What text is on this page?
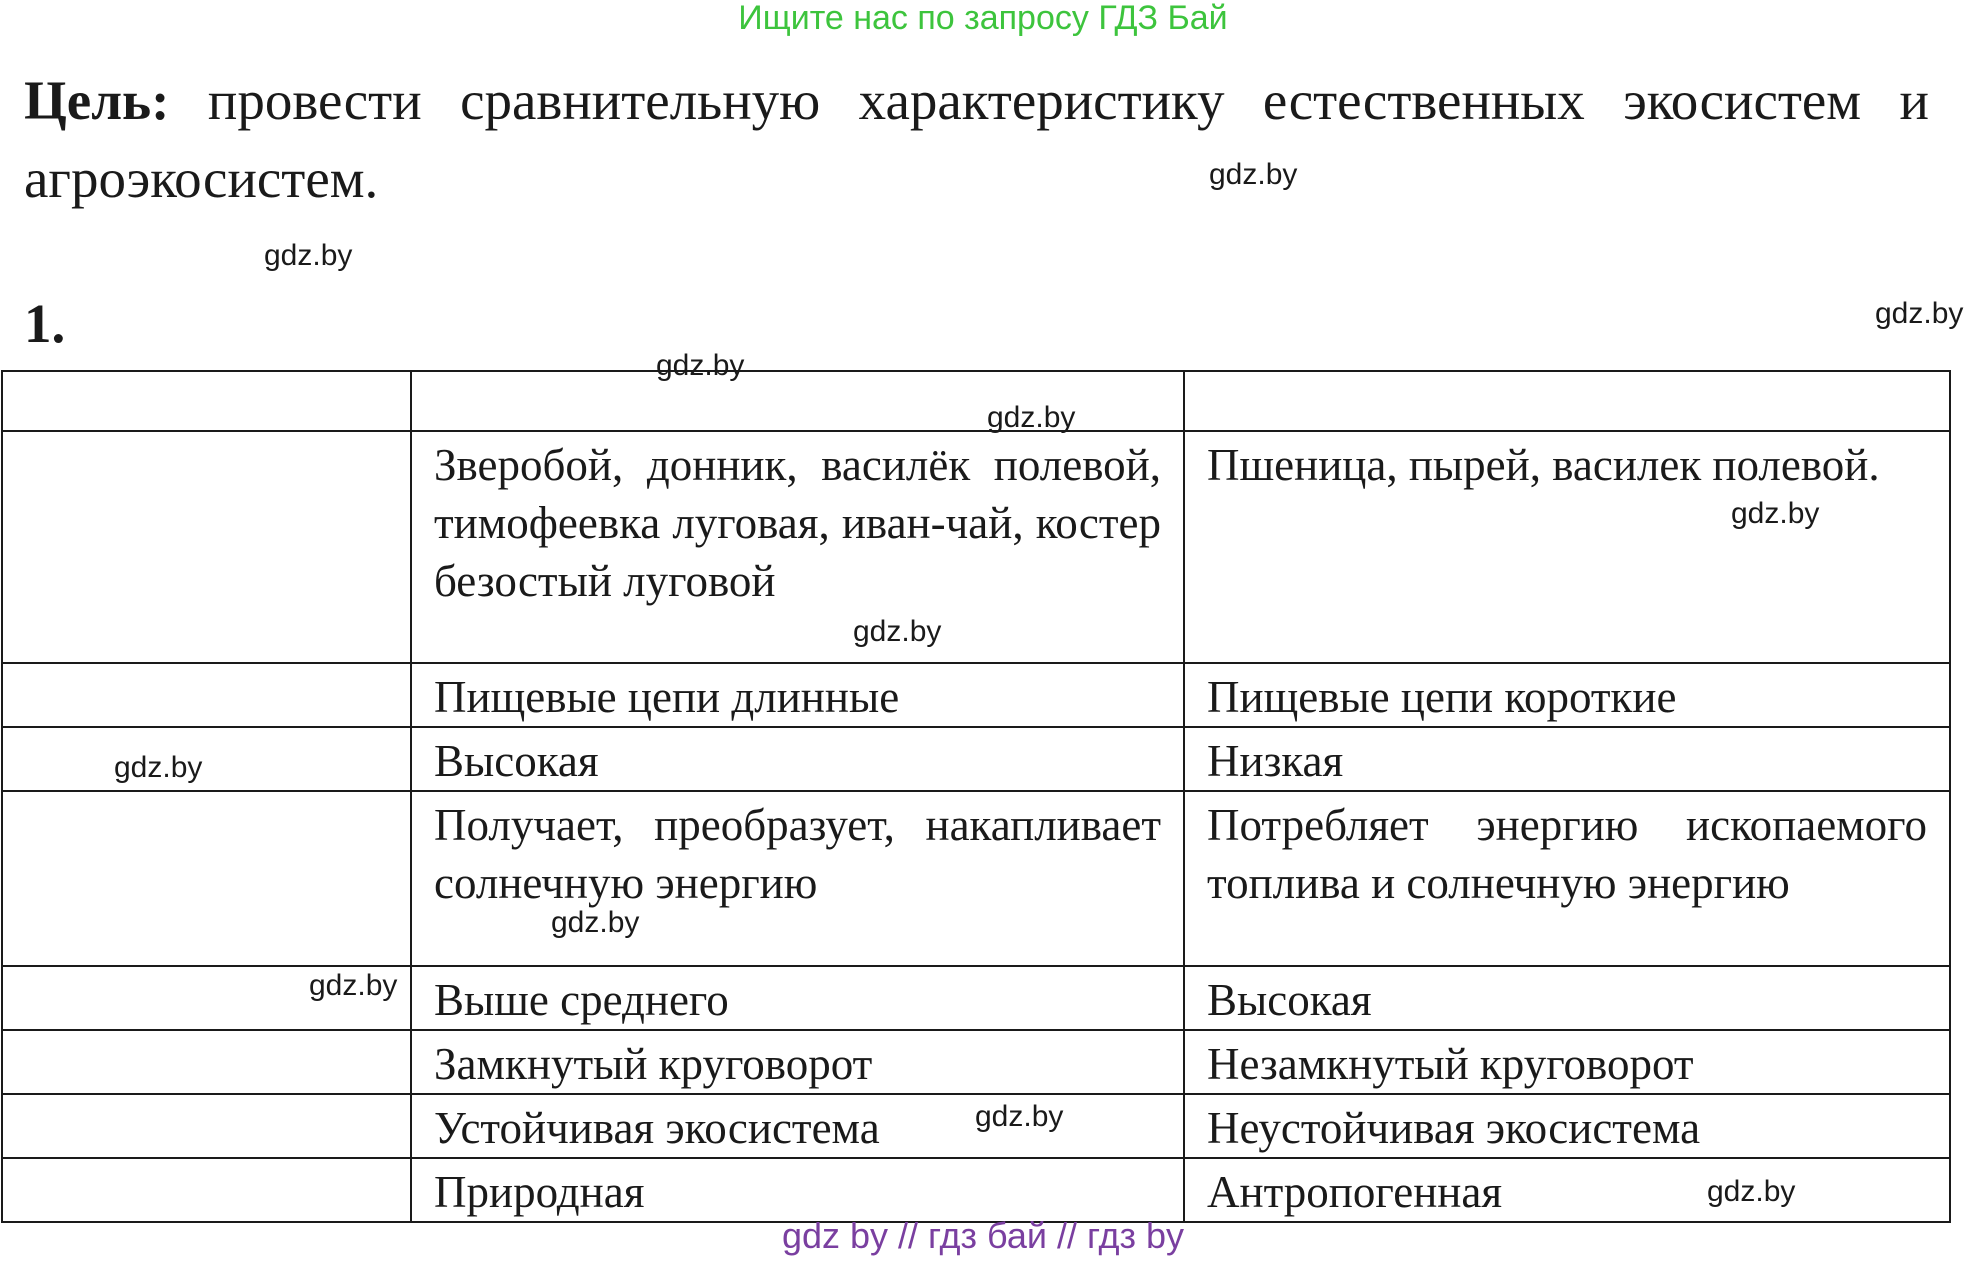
Ищите нас по запросу ГДЗ Бай
Цель: провести сравнительную характеристику естественных экосистем и агроэкосистем.
1.

	Зверобой, донник, василёк полевой, тимофеевка луговая, иван-чай, костер безостый луговой	Пшеница, пырей, василек полевой.
	Пищевые цепи длинные	Пищевые цепи короткие
	Высокая	Низкая
	Получает, преобразует, накапливает солнечную энергию	Потребляет энергию ископаемого топлива и солнечную энергию
	Выше среднего	Высокая
	Замкнутый круговорот	Незамкнутый круговорот
	Устойчивая экосистема	Неустойчивая экосистема
	Природная	Антропогенная
gdz.by
gdz.by
gdz.by
gdz.by
gdz.by
gdz.by
gdz.by
gdz.by
gdz.by
gdz.by
gdz.by
gdz.by
gdz by // гдз бай // гдз by
